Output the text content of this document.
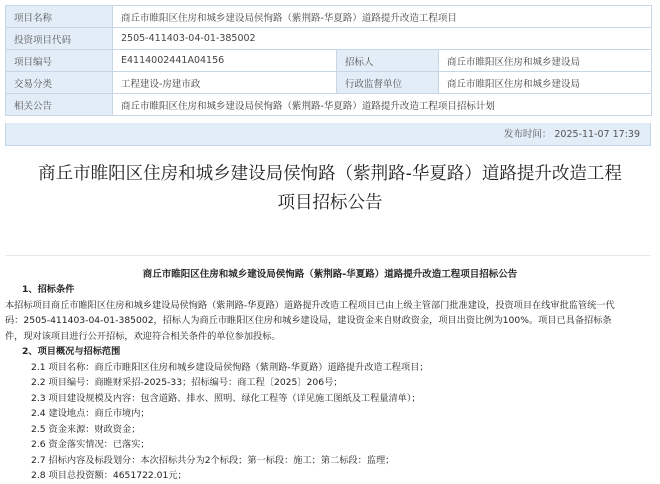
项目名称	商丘市睢阳区住房和城乡建设局侯恂路（紫荆路-华夏路）道路提升改造工程项目		
投资项目代码	2505-411403-04-01-385002		
项目编号	E4114002441A04156	招标人	商丘市睢阳区住房和城乡建设局
交易分类	工程建设-房建市政	行政监督单位	商丘市睢阳区住房和城乡建设局
相关公告	商丘市睢阳区住房和城乡建设局侯恂路（紫荆路-华夏路）道路提升改造工程项目招标计划		
发布时间： 2025-11-07 17:39
商丘市睢阳区住房和城乡建设局侯恂路（紫荆路-华夏路）道路提升改造工程
项目招标公告
商丘市睢阳区住房和城乡建设局侯恂路（紫荆路-华夏路）道路提升改造工程项目招标公告
1、招标条件
本招标项目商丘市睢阳区住房和城乡建设局侯恂路（紫荆路-华夏路）道路提升改造工程项目已由上级主管部门批准建设，投资项目在线审批监管统一代
码：2505-411403-04-01-385002，招标人为商丘市睢阳区住房和城乡建设局，建设资金来自财政资金，项目出资比例为100%。项目已具备招标条
件，现对该项目进行公开招标，欢迎符合相关条件的单位参加投标。
2、项目概况与招标范围
2.1 项目名称：商丘市睢阳区住房和城乡建设局侯恂路（紫荆路-华夏路）道路提升改造工程项目；
2.2 项目编号：商睢财采招-2025-33；招标编号：商工程〔2025〕206号；
2.3 项目建设规模及内容：包含道路、排水、照明、绿化工程等（详见施工图纸及工程量清单）；
2.4 建设地点：商丘市境内；
2.5 资金来源：财政资金；
2.6 资金落实情况：已落实；
2.7 招标内容及标段划分：本次招标共分为2个标段；第一标段：施工；第二标段：监理；
2.8 项目总投资额：4651722.01元；
